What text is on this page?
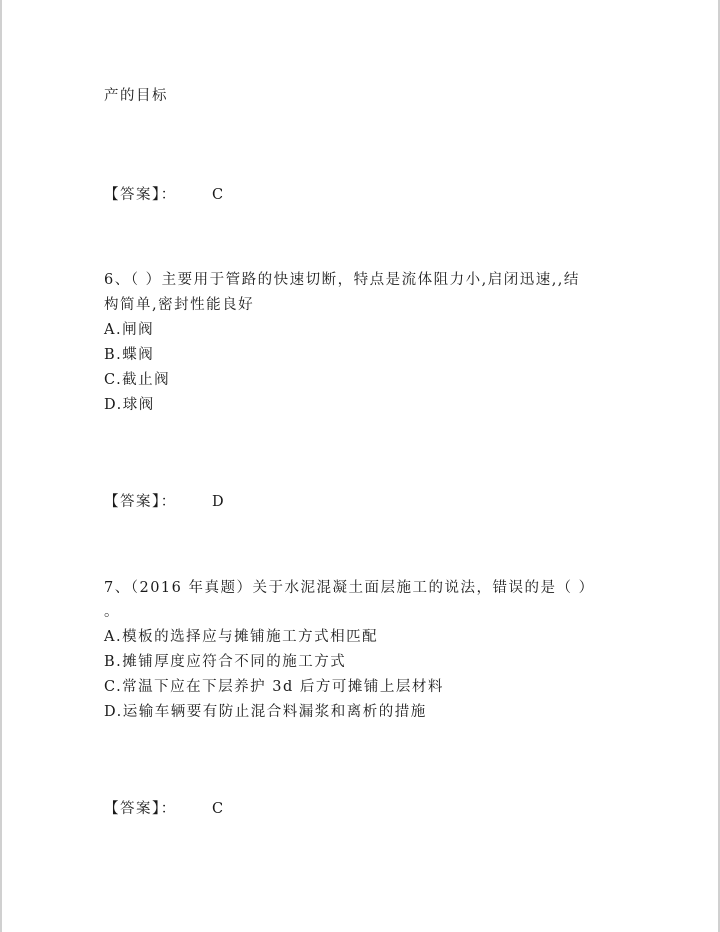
产的目标
【答案】： C
6、（ ）主要用于管路的快速切断，特点是流体阻力小,启闭迅速,,结
构简单,密封性能良好
A.闸阀
B.蝶阀
C.截止阀
D.球阀
【答案】： D
7、（2016 年真题）关于水泥混凝土面层施工的说法，错误的是（ ）
。
A.模板的选择应与摊铺施工方式相匹配
B.摊铺厚度应符合不同的施工方式
C.常温下应在下层养护 3d 后方可摊铺上层材料
D.运输车辆要有防止混合料漏浆和离析的措施
【答案】： C
